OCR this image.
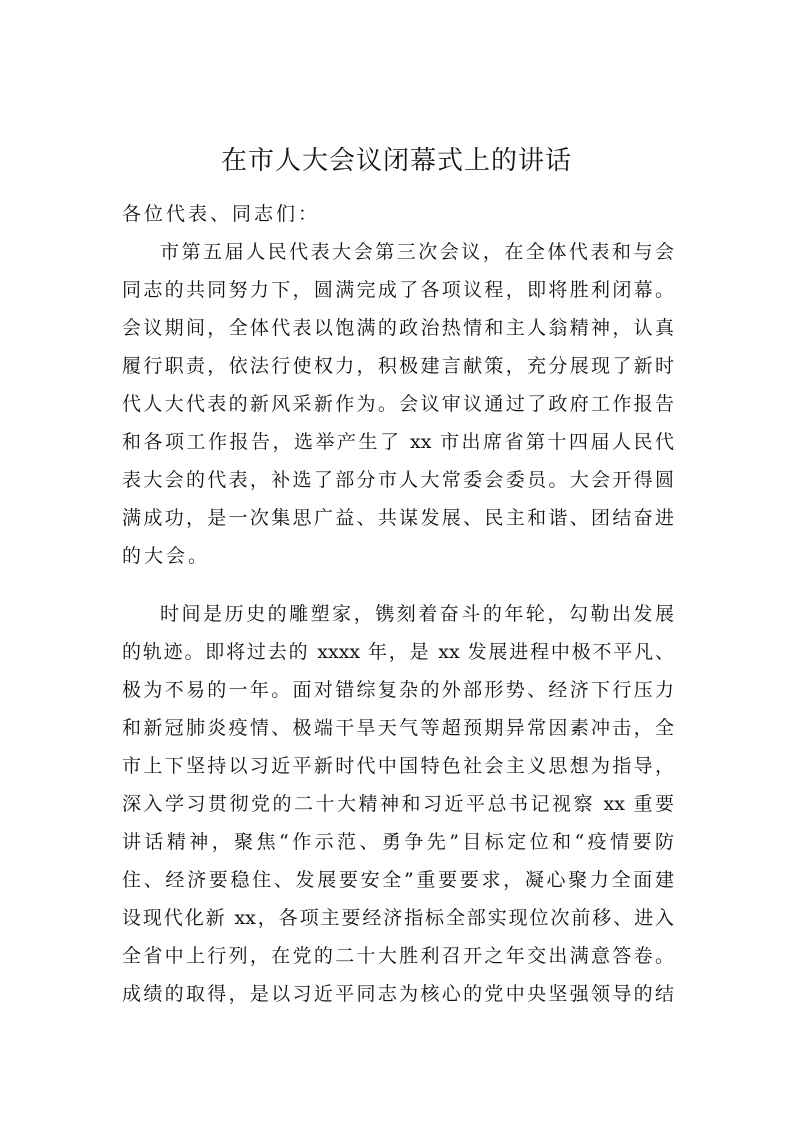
在市人大会议闭幕式上的讲话
各位代表、同志们：
市第五届人民代表大会第三次会议，在全体代表和与会
同志的共同努力下，圆满完成了各项议程，即将胜利闭幕。
会议期间，全体代表以饱满的政治热情和主人翁精神，认真
履行职责，依法行使权力，积极建言献策，充分展现了新时
代人大代表的新风采新作为。会议审议通过了政府工作报告
和各项工作报告，选举产生了 xx 市出席省第十四届人民代
表大会的代表，补选了部分市人大常委会委员。大会开得圆
满成功，是一次集思广益、共谋发展、民主和谐、团结奋进
的大会。
时间是历史的雕塑家，镌刻着奋斗的年轮，勾勒出发展
的轨迹。即将过去的 xxxx 年，是 xx 发展进程中极不平凡、
极为不易的一年。面对错综复杂的外部形势、经济下行压力
和新冠肺炎疫情、极端干旱天气等超预期异常因素冲击，全
市上下坚持以习近平新时代中国特色社会主义思想为指导，
深入学习贯彻党的二十大精神和习近平总书记视察 xx 重要
讲话精神，聚焦“作示范、勇争先”目标定位和“疫情要防
住、经济要稳住、发展要安全”重要要求，凝心聚力全面建
设现代化新 xx，各项主要经济指标全部实现位次前移、进入
全省中上行列，在党的二十大胜利召开之年交出满意答卷。
成绩的取得，是以习近平同志为核心的党中央坚强领导的结
